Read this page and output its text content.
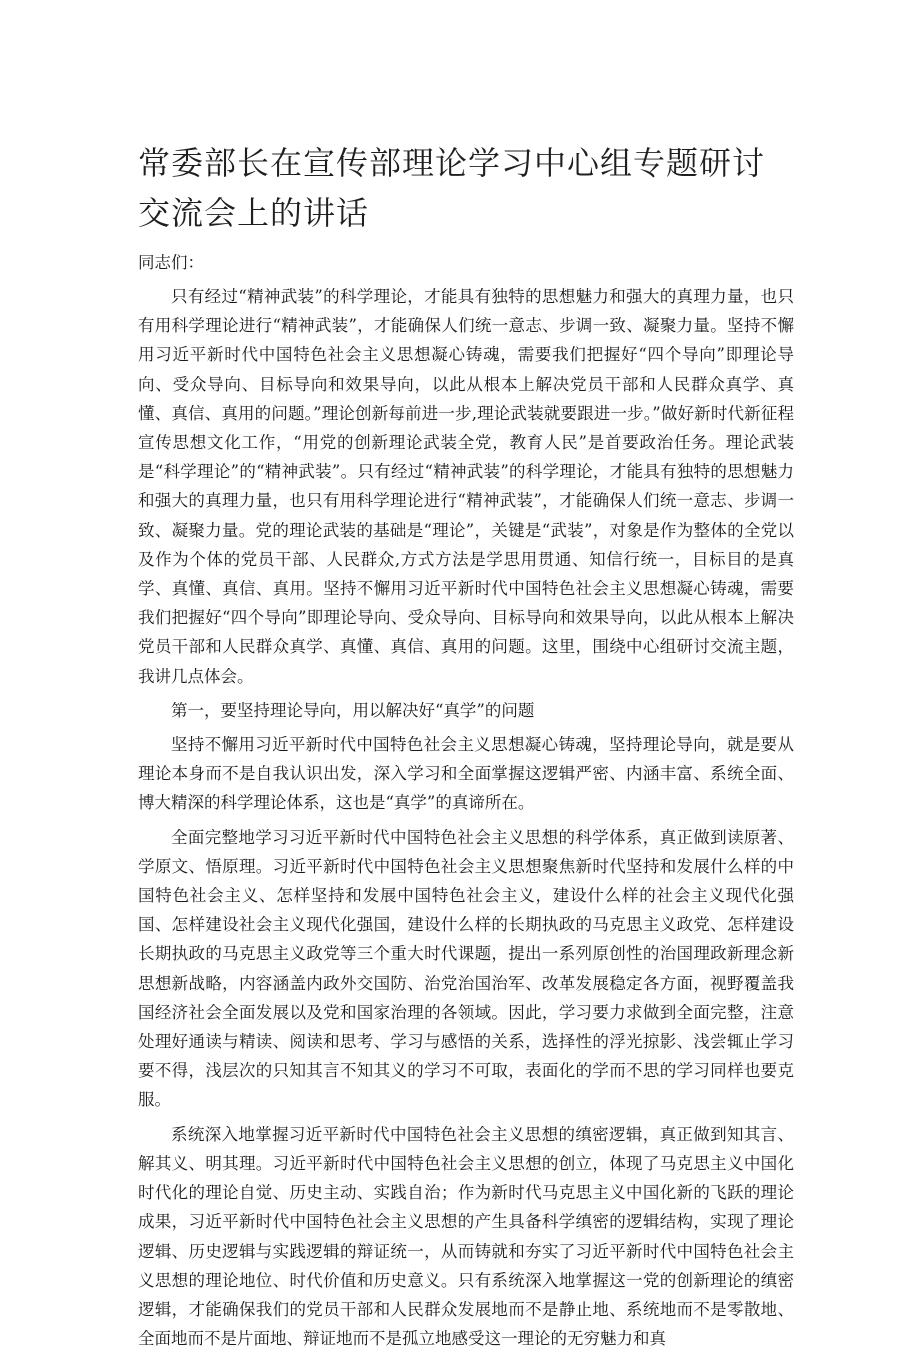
常委部长在宣传部理论学习中心组专题研讨交流会上的讲话

同志们：

只有经过“精神武装”的科学理论，才能具有独特的思想魅力和强大的真理力量，也只有用科学理论进行“精神武装”，才能确保人们统一意志、步调一致、凝聚力量。坚持不懈用习近平新时代中国特色社会主义思想凝心铸魂，需要我们把握好“四个导向”即理论导向、受众导向、目标导向和效果导向，以此从根本上解决党员干部和人民群众真学、真懂、真信、真用的问题。”理论创新每前进一步,理论武装就要跟进一步。”做好新时代新征程宣传思想文化工作，“用党的创新理论武装全党，教育人民”是首要政治任务。理论武装是“科学理论”的“精神武装”。只有经过“精神武装”的科学理论，才能具有独特的思想魅力和强大的真理力量，也只有用科学理论进行“精神武装”，才能确保人们统一意志、步调一致、凝聚力量。党的理论武装的基础是“理论”，关键是“武装”，对象是作为整体的全党以及作为个体的党员干部、人民群众,方式方法是学思用贯通、知信行统一，目标目的是真学、真懂、真信、真用。坚持不懈用习近平新时代中国特色社会主义思想凝心铸魂，需要我们把握好“四个导向”即理论导向、受众导向、目标导向和效果导向，以此从根本上解决党员干部和人民群众真学、真懂、真信、真用的问题。这里，围绕中心组研讨交流主题，我讲几点体会。

第一，要坚持理论导向，用以解决好“真学”的问题

坚持不懈用习近平新时代中国特色社会主义思想凝心铸魂，坚持理论导向，就是要从理论本身而不是自我认识出发，深入学习和全面掌握这逻辑严密、内涵丰富、系统全面、博大精深的科学理论体系，这也是“真学”的真谛所在。

全面完整地学习习近平新时代中国特色社会主义思想的科学体系，真正做到读原著、学原文、悟原理。习近平新时代中国特色社会主义思想聚焦新时代坚持和发展什么样的中国特色社会主义、怎样坚持和发展中国特色社会主义，建设什么样的社会主义现代化强国、怎样建设社会主义现代化强国，建设什么样的长期执政的马克思主义政党、怎样建设长期执政的马克思主义政党等三个重大时代课题，提出一系列原创性的治国理政新理念新思想新战略，内容涵盖内政外交国防、治党治国治军、改革发展稳定各方面，视野覆盖我国经济社会全面发展以及党和国家治理的各领域。因此，学习要力求做到全面完整，注意处理好通读与精读、阅读和思考、学习与感悟的关系，选择性的浮光掠影、浅尝辄止学习要不得，浅层次的只知其言不知其义的学习不可取，表面化的学而不思的学习同样也要克服。

系统深入地掌握习近平新时代中国特色社会主义思想的缜密逻辑，真正做到知其言、解其义、明其理。习近平新时代中国特色社会主义思想的创立，体现了马克思主义中国化时代化的理论自觉、历史主动、实践自治；作为新时代马克思主义中国化新的飞跃的理论成果，习近平新时代中国特色社会主义思想的产生具备科学缜密的逻辑结构，实现了理论逻辑、历史逻辑与实践逻辑的辩证统一，从而铸就和夯实了习近平新时代中国特色社会主义思想的理论地位、时代价值和历史意义。只有系统深入地掌握这一党的创新理论的缜密逻辑，才能确保我们的党员干部和人民群众发展地而不是静止地、系统地而不是零散地、全面地而不是片面地、辩证地而不是孤立地感受这一理论的无穷魅力和真
